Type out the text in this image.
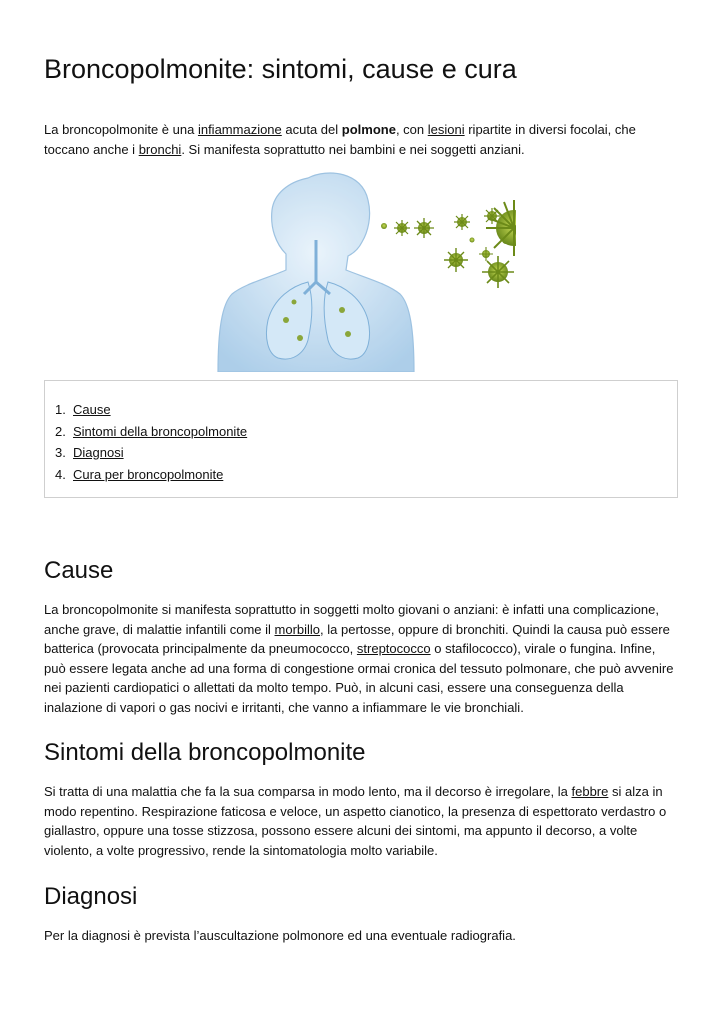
Broncopolmonite: sintomi, cause e cura

La broncopolmonite è una infiammazione acuta del polmone, con lesioni ripartite in diversi focolai, che toccano anche i bronchi. Si manifesta soprattutto nei bambini e nei soggetti anziani.

1. Cause
2. Sintomi della broncopolmonite
3. Diagnosi
4. Cura per broncopolmonite
Cause

La broncopolmonite si manifesta soprattutto in soggetti molto giovani o anziani: è infatti una complicazione, anche grave, di malattie infantili come il morbillo, la pertosse, oppure di bronchiti. Quindi la causa può essere batterica (provocata principalmente da pneumococco, streptococco o stafilococco), virale o fungina. Infine, può essere legata anche ad una forma di congestione ormai cronica del tessuto polmonare, che può avvenire nei pazienti cardiopatici o allettati da molto tempo. Può, in alcuni casi, essere una conseguenza della inalazione di vapori o gas nocivi e irritanti, che vanno a infiammare le vie bronchiali.

Sintomi della broncopolmonite

Si tratta di una malattia che fa la sua comparsa in modo lento, ma il decorso è irregolare, la febbre si alza in modo repentino. Respirazione faticosa e veloce, un aspetto cianotico, la presenza di espettorato verdastro o giallastro, oppure una tosse stizzosa, possono essere alcuni dei sintomi, ma appunto il decorso, a volte violento, a volte progressivo, rende la sintomatologia molto variabile.

Diagnosi

Per la diagnosi è prevista l’auscultazione polmonore ed una eventuale radiografia.
